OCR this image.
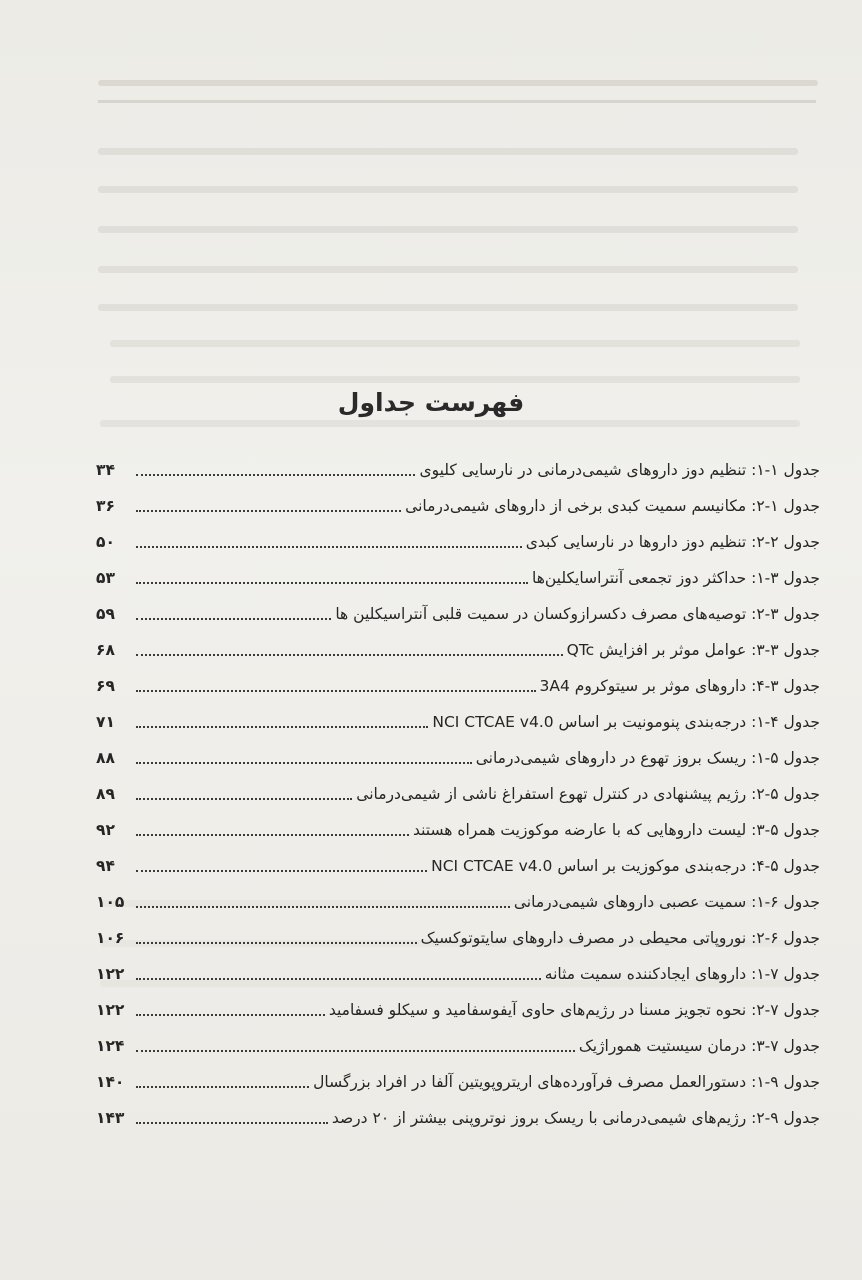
فهرست جداول
جدول ۱-۱: تنظیم دوز داروهای شیمی‌درمانی در نارسایی کلیوی
۳۴
جدول ۱-۲: مکانیسم سمیت کبدی برخی از داروهای شیمی‌درمانی
۳۶
جدول ۲-۲: تنظیم دوز داروها در نارسایی کبدی
۵۰
جدول ۳-۱: حداکثر دوز تجمعی آنتراسایکلین‌ها
۵۳
جدول ۳-۲: توصیه‌های مصرف دکسرازوکسان در سمیت قلبی آنتراسیکلین ها
۵۹
جدول ۳-۳: عوامل موثر بر افزایش QTc
۶۸
جدول ۳-۴: داروهای موثر بر سیتوکروم 3A4
۶۹
جدول ۴-۱: درجه‌بندی پنومونیت بر اساس NCI CTCAE v4.0
۷۱
جدول ۵-۱: ریسک بروز تهوع در داروهای شیمی‌درمانی
۸۸
جدول ۵-۲: رژیم پیشنهادی در کنترل تهوع استفراغ ناشی از شیمی‌درمانی
۸۹
جدول ۵-۳: لیست داروهایی که با عارضه موکوزیت همراه هستند
۹۲
جدول ۵-۴: درجه‌بندی موکوزیت بر اساس NCI CTCAE v4.0
۹۴
جدول ۶-۱: سمیت عصبی داروهای شیمی‌درمانی
۱۰۵
جدول ۶-۲: نوروپاتی محیطی در مصرف داروهای سایتوتوکسیک
۱۰۶
جدول ۷-۱: داروهای ایجادکننده سمیت مثانه
۱۲۲
جدول ۷-۲: نحوه تجویز مسنا در رژیم‌های حاوی آیفوسفامید و سیکلو فسفامید
۱۲۲
جدول ۷-۳: درمان سیستیت هموراژیک
۱۲۴
جدول ۹-۱: دستورالعمل مصرف فرآورده‌های اریتروپویتین آلفا در افراد بزرگسال
۱۴۰
جدول ۹-۲: رژیم‌های شیمی‌درمانی با ریسک بروز نوتروپنی بیشتر از ۲۰ درصد
۱۴۳
